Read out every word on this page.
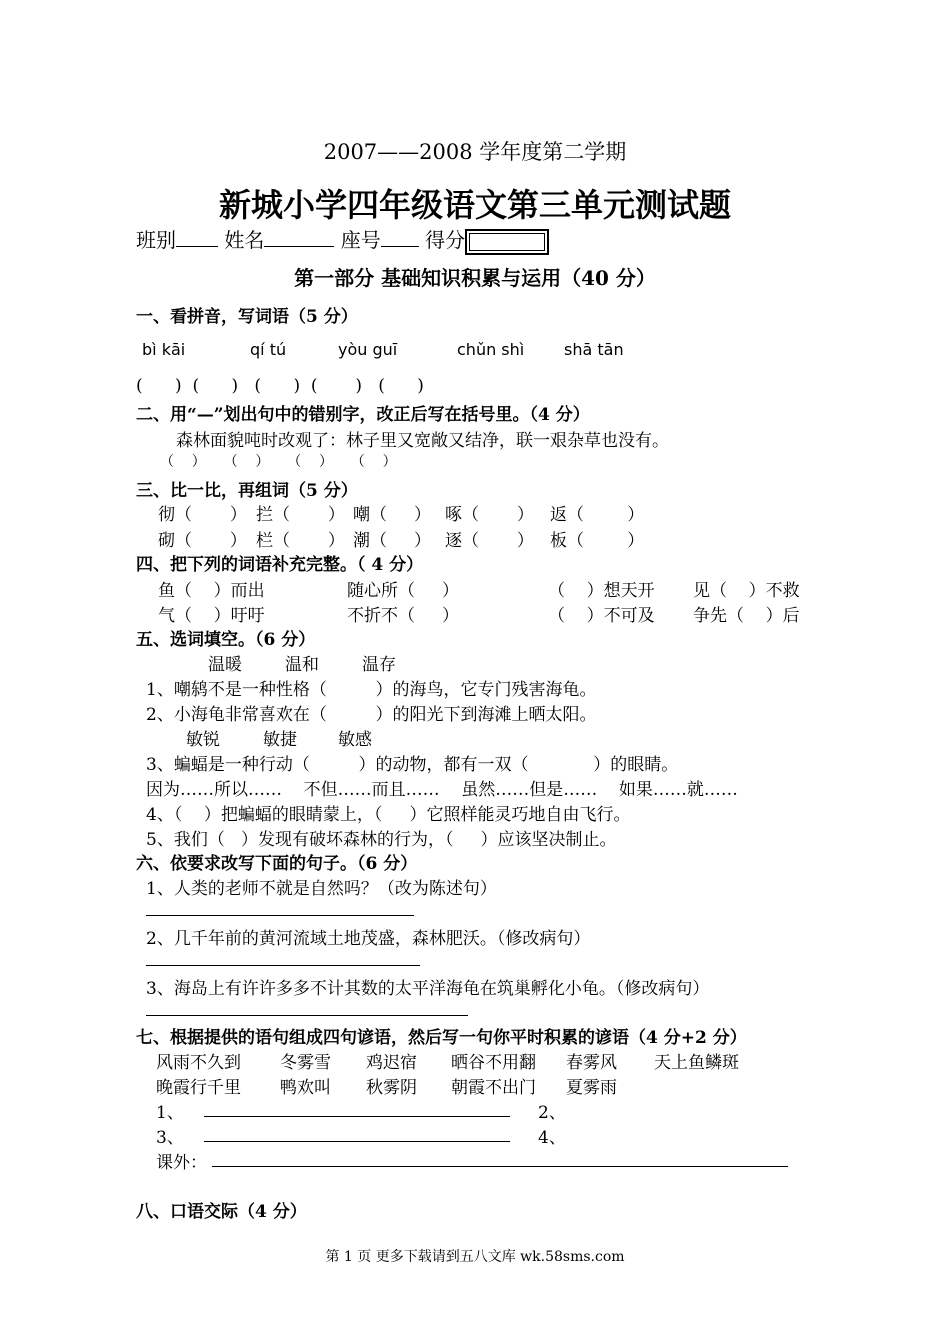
2007——2008 学年度第二学期
新城小学四年级语文第三单元测试题
班别 姓名	座号 得分
第一部分 基础知识积累与运用（40 分）
一、看拼音，写词语（5 分）
bì kāi	qí tú	yòu guī	chǔn shì shā tān
(      )  (      )   (      )  (       )   (      )
二、用“—”划出句中的错别字，改正后写在括号里。（4 分）
森林面貌吨时改观了：林子里又宽敞又结净，联一艰杂草也没有。
（    ）    （    ）    （    ）    （    ）
三、比一比，再组词（5 分）
彻（       ） 拦（       ） 嘲（     ） 啄（       ） 返（        ）
砌（       ） 栏（       ） 潮（     ） 逐（       ） 板（        ）
四、把下列的词语补充完整。（ 4 分）
鱼（    ）而出	随心所（     ）	（    ）想天开 见（    ）不救
气（    ）吁吁	不折不（     ）	（    ）不可及 争先（    ）后
五、选词填空。（6 分）
温暖	温和	温存
1、嘲鸫不是一种性格（         ）的海鸟，它专门残害海龟。
2、小海龟非常喜欢在（         ）的阳光下到海滩上晒太阳。
敏锐	敏捷 敏感
3、蝙蝠是一种行动（         ）的动物，都有一双（            ）的眼睛。
因为……所以……    不但……而且……    虽然……但是……    如果……就……
4、（    ）把蝙蝠的眼睛蒙上，（     ）它照样能灵巧地自由飞行。
5、我们（   ）发现有破坏森林的行为，（     ）应该坚决制止。
六、依要求改写下面的句子。（6 分）
1、人类的老师不就是自然吗？（改为陈述句）
2、几千年前的黄河流域土地茂盛，森林肥沃。（修改病句）
3、海岛上有许许多多不计其数的太平洋海龟在筑巢孵化小龟。（修改病句）
七、根据提供的语句组成四句谚语，然后写一句你平时积累的谚语（4 分+2 分）
风雨不久到 冬雾雪 鸡迟宿 晒谷不用翻 春雾风 天上鱼鳞斑
晚霞行千里 鸭欢叫 秋雾阴 朝霞不出门 夏雾雨
1、	2、
3、	4、
课外：
八、口语交际（4 分）
第 1 页 更多下载请到五八文库 wk.58sms.com
